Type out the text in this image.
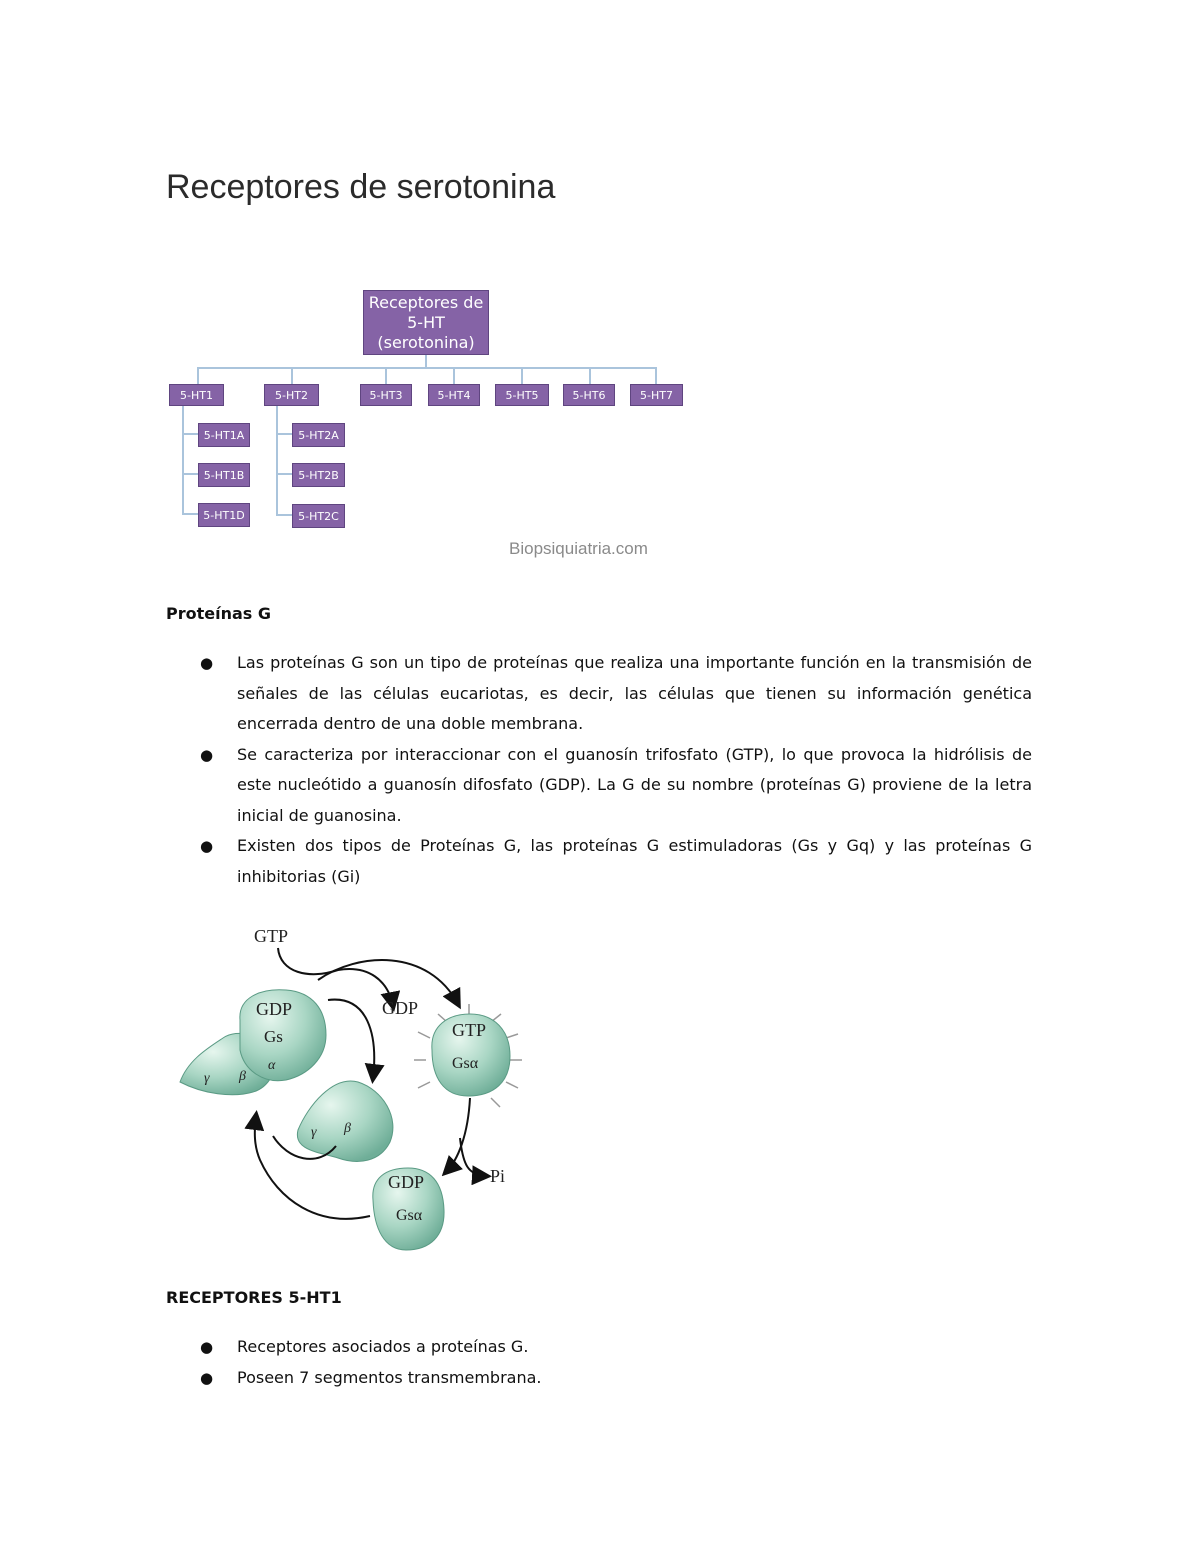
Receptores de serotonina
Receptores de
5-HT
(serotonina)
5-HT1	5-HT2	5-HT3	5-HT4	5-HT5	5-HT6	5-HT7
5-HT1A
5-HT1B
5-HT1D
5-HT2A
5-HT2B
5-HT2C
Biopsiquiatria.com
Proteínas G
● Las proteínas G son un tipo de proteínas que realiza una importante función en la transmisión de señales de las células eucariotas, es decir, las células que tienen su información genética encerrada dentro de una doble membrana.
● Se caracteriza por interaccionar con el guanosín trifosfato (GTP), lo que provoca la hidrólisis de este nucleótido a guanosín difosfato (GDP). La G de su nombre (proteínas G) proviene de la letra inicial de guanosina.
● Existen dos tipos de Proteínas G, las proteínas G estimuladoras (Gs y Gq) y las proteínas G inhibitorias (Gi)
GTP
GDP
Gs
α
β
γ
GDP
GTP
Gsα
γ β
Pi
GDP
Gsα
RECEPTORES 5-HT1
● Receptores asociados a proteínas G.
● Poseen 7 segmentos transmembrana.
